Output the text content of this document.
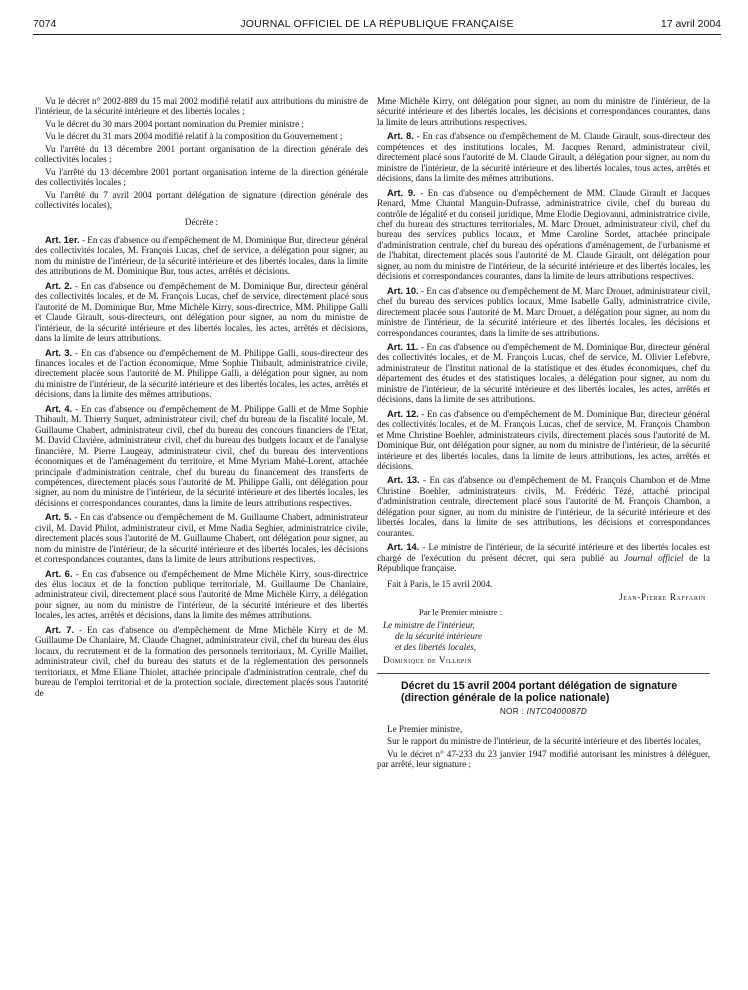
7074	JOURNAL OFFICIEL DE LA RÉPUBLIQUE FRANÇAISE	17 avril 2004

Vu le décret n° 2002-889 du 15 mai 2002 modifié relatif aux attributions du ministre de l'intérieur, de la sécurité intérieure et des libertés locales ;

Vu le décret du 30 mars 2004 portant nomination du Premier ministre ;

Vu le décret du 31 mars 2004 modifié relatif à la composition du Gouvernement ;

Vu l'arrêté du 13 décembre 2001 portant organisation de la direction générale des collectivités locales ;

Vu l'arrêté du 13 décembre 2001 portant organisation interne de la direction générale des collectivités locales ;

Vu l'arrêté du 7 avril 2004 portant délégation de signature (direction générale des collectivités locales),

Décrète :

Art. 1er. - En cas d'absence ou d'empêchement de M. Dominique Bur, directeur général des collectivités locales, M. François Lucas, chef de service, a délégation pour signer, au nom du ministre de l'intérieur, de la sécurité intérieure et des libertés locales, dans la limite des attributions de M. Dominique Bur, tous actes, arrêtés et décisions.

Art. 2. - En cas d'absence ou d'empêchement de M. Dominique Bur, directeur général des collectivités locales, et de M. François Lucas, chef de service, directement placé sous l'autorité de M. Dominique Bur, Mme Michèle Kirry, sous-directrice, MM. Philippe Galli et Claude Girault, sous-directeurs, ont délégation pour signer, au nom du ministre de l'intérieur, de la sécurité intérieure et des libertés locales, les actes, arrêtés et décisions, dans la limite de leurs attributions.

Art. 3. - En cas d'absence ou d'empêchement de M. Philippe Galli, sous-directeur des finances locales et de l'action économique, Mme Sophie Thibault, administratrice civile, directement placée sous l'autorité de M. Philippe Galli, a délégation pour signer, au nom du ministre de l'intérieur, de la sécurité intérieure et des libertés locales, les actes, arrêtés et décisions, dans la limite des mêmes attributions.

Art. 4. - En cas d'absence ou d'empêchement de M. Philippe Galli et de Mme Sophie Thibault, M. Thierry Suquet, administrateur civil, chef du bureau de la fiscalité locale, M. Guillaume Chabert, administrateur civil, chef du bureau des concours financiers de l'Etat, M. David Clavière, administrateur civil, chef du bureau des budgets locaux et de l'analyse financière, M. Pierre Laugeay, administrateur civil, chef du bureau des interventions économiques et de l'aménagement du territoire, et Mme Myriam Mahé-Lorent, attachée principale d'administration centrale, chef du bureau du financement des transferts de compétences, directement placés sous l'autorité de M. Philippe Galli, ont délégation pour signer, au nom du ministre de l'intérieur, de la sécurité intérieure et des libertés locales, les décisions et correspondances courantes, dans la limite de leurs attributions respectives.

Art. 5. - En cas d'absence ou d'empêchement de M. Guillaume Chabert, administrateur civil, M. David Philot, administrateur civil, et Mme Nadia Seghier, administratrice civile, directement placés sous l'autorité de M. Guillaume Chabert, ont délégation pour signer, au nom du ministre de l'intérieur, de la sécurité intérieure et des libertés locales, les décisions et correspondances courantes, dans la limite de leurs attributions respectives.

Art. 6. - En cas d'absence ou d'empêchement de Mme Michèle Kirry, sous-directrice des élus locaux et de la fonction publique territoriale, M. Guillaume De Chanlaire, administrateur civil, directement placé sous l'autorité de Mme Michèle Kirry, a délégation pour signer, au nom du ministre de l'intérieur, de la sécurité intérieure et des libertés locales, les actes, arrêtés et décisions, dans la limite des mêmes attributions.

Art. 7. - En cas d'absence ou d'empêchement de Mme Michèle Kirry et de M. Guillaume De Chanlaire, M. Claude Chagnet, administrateur civil, chef du bureau des élus locaux, du recrutement et de la formation des personnels territoriaux, M. Cyrille Maillet, administrateur civil, chef du bureau des statuts et de la réglementation des personnels territoriaux, et Mme Eliane Thiolet, attachée principale d'administration centrale, chef du bureau de l'emploi territorial et de la protection sociale, directement placés sous l'autorité de

Mme Michèle Kirry, ont délégation pour signer, au nom du ministre de l'intérieur, de la sécurité intérieure et des libertés locales, les décisions et correspondances courantes, dans la limite de leurs attributions respectives.

Art. 8. - En cas d'absence ou d'empêchement de M. Claude Girault, sous-directeur des compétences et des institutions locales, M. Jacques Renard, administrateur civil, directement placé sous l'autorité de M. Claude Girault, a délégation pour signer, au nom du ministre de l'intérieur, de la sécurité intérieure et des libertés locales, tous actes, arrêtés et décisions, dans la limite des mêmes attributions.

Art. 9. - En cas d'absence ou d'empêchement de MM. Claude Girault et Jacques Renard, Mme Chantal Manguin-Dufrasse, administratrice civile, chef du bureau du contrôle de légalité et du conseil juridique, Mme Elodie Degiovanni, administratrice civile, chef du bureau des structures territoriales, M. Marc Drouet, administrateur civil, chef du bureau des services publics locaux, et Mme Caroline Sordet, attachée principale d'administration centrale, chef du bureau des opérations d'aménagement, de l'urbanisme et de l'habitat, directement placés sous l'autorité de M. Claude Girault, ont délégation pour signer, au nom du ministre de l'intérieur, de la sécurité intérieure et des libertés locales, les décisions et correspondances courantes, dans la limite de leurs attributions respectives.

Art. 10. - En cas d'absence ou d'empêchement de M. Marc Drouet, administrateur civil, chef du bureau des services publics locaux, Mme Isabelle Gally, administratrice civile, directement placée sous l'autorité de M. Marc Drouet, a délégation pour signer, au nom du ministre de l'intérieur, de la sécurité intérieure et des libertés locales, les décisions et correspondances courantes, dans la limite de ses attributions.

Art. 11. - En cas d'absence ou d'empêchement de M. Dominique Bur, directeur général des collectivités locales, et de M. François Lucas, chef de service, M. Olivier Lefebvre, administrateur de l'Institut national de la statistique et des études économiques, chef du département des études et des statistiques locales, a délégation pour signer, au nom du ministre de l'intérieur, de la sécurité intérieure et des libertés locales, les actes, arrêtés et décisions, dans la limite de ses attributions.

Art. 12. - En cas d'absence ou d'empêchement de M. Dominique Bur, directeur général des collectivités locales, et de M. François Lucas, chef de service, M. François Chambon et Mme Christine Boehler, administrateurs civils, directement placés sous l'autorité de M. Dominique Bur, ont délégation pour signer, au nom du ministre de l'intérieur, de la sécurité intérieure et des libertés locales, dans la limite de leurs attributions, les actes, arrêtés et décisions.

Art. 13. - En cas d'absence ou d'empêchement de M. François Chambon et de Mme Christine Boehler, administrateurs civils, M. Frédéric Tézé, attaché principal d'administration centrale, directement placé sous l'autorité de M. François Chambon, a délégation pour signer, au nom du ministre de l'intérieur, de la sécurité intérieure et des libertés locales, dans la limite de ses attributions, les décisions et correspondances courantes.

Art. 14. - Le ministre de l'intérieur, de la sécurité intérieure et des libertés locales est chargé de l'exécution du présent décret, qui sera publié au Journal officiel de la République française.

Fait à Paris, le 15 avril 2004.

Jean-Pierre Raffarin

Par le Premier ministre :

Le ministre de l'intérieur,
de la sécurité intérieure
et des libertés locales,

Dominique de Villepin

Décret du 15 avril 2004 portant délégation de signature (direction générale de la police nationale)

NOR : INTC0400087D

Le Premier ministre,

Sur le rapport du ministre de l'intérieur, de la sécurité intérieure et des libertés locales,

Vu le décret n° 47-233 du 23 janvier 1947 modifié autorisant les ministres à déléguer, par arrêté, leur signature ;
